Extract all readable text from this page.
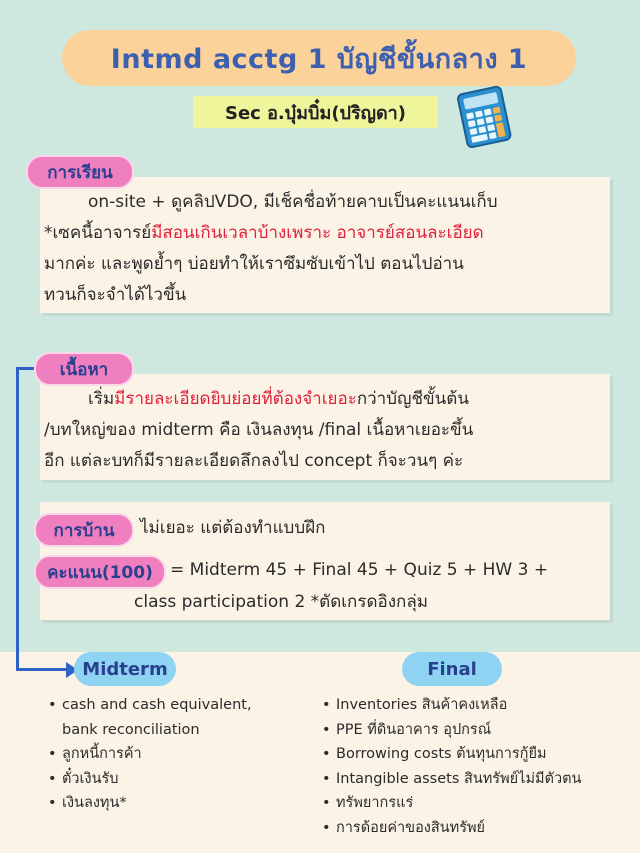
Intmd acctg 1 บัญชีขั้นกลาง 1
Sec อ.บุ๋มบิ๋ม(ปริญดา)
การเรียน
on-site + ดูคลิปVDO, มีเช็คชื่อท้ายคาบเป็นคะแนนเก็บ
*เซคนี้อาจารย์มีสอนเกินเวลาบ้างเพราะ อาจารย์สอนละเอียด
มากค่ะ และพูดย้ำๆ บ่อยทำให้เราซึมซับเข้าไป ตอนไปอ่าน
ทวนก็จะจำได้ไวขึ้น
เนื้อหา
เริ่มมีรายละเอียดยิบย่อยที่ต้องจำเยอะกว่าบัญชีขั้นต้น
/บทใหญ่ของ midterm คือ เงินลงทุน /final เนื้อหาเยอะขึ้น
อีก แต่ละบทก็มีรายละเอียดลึกลงไป concept ก็จะวนๆ ค่ะ
การบ้าน	ไม่เยอะ แต่ต้องทำแบบฝึก
คะแนน(100)	= Midterm 45 + Final 45 + Quiz 5 + HW 3 +
class participation 2 *ตัดเกรดอิงกลุ่ม
Midterm
• cash and cash equivalent,
bank reconciliation
• ลูกหนี้การค้า
• ตั๋วเงินรับ
• เงินลงทุน*
Final
• Inventories สินค้าคงเหลือ
• PPE ที่ดินอาคาร อุปกรณ์
• Borrowing costs ต้นทุนการกู้ยืม
• Intangible assets สินทรัพย์ไม่มีตัวตน
• ทรัพยากรแร่
• การด้อยค่าของสินทรัพย์
